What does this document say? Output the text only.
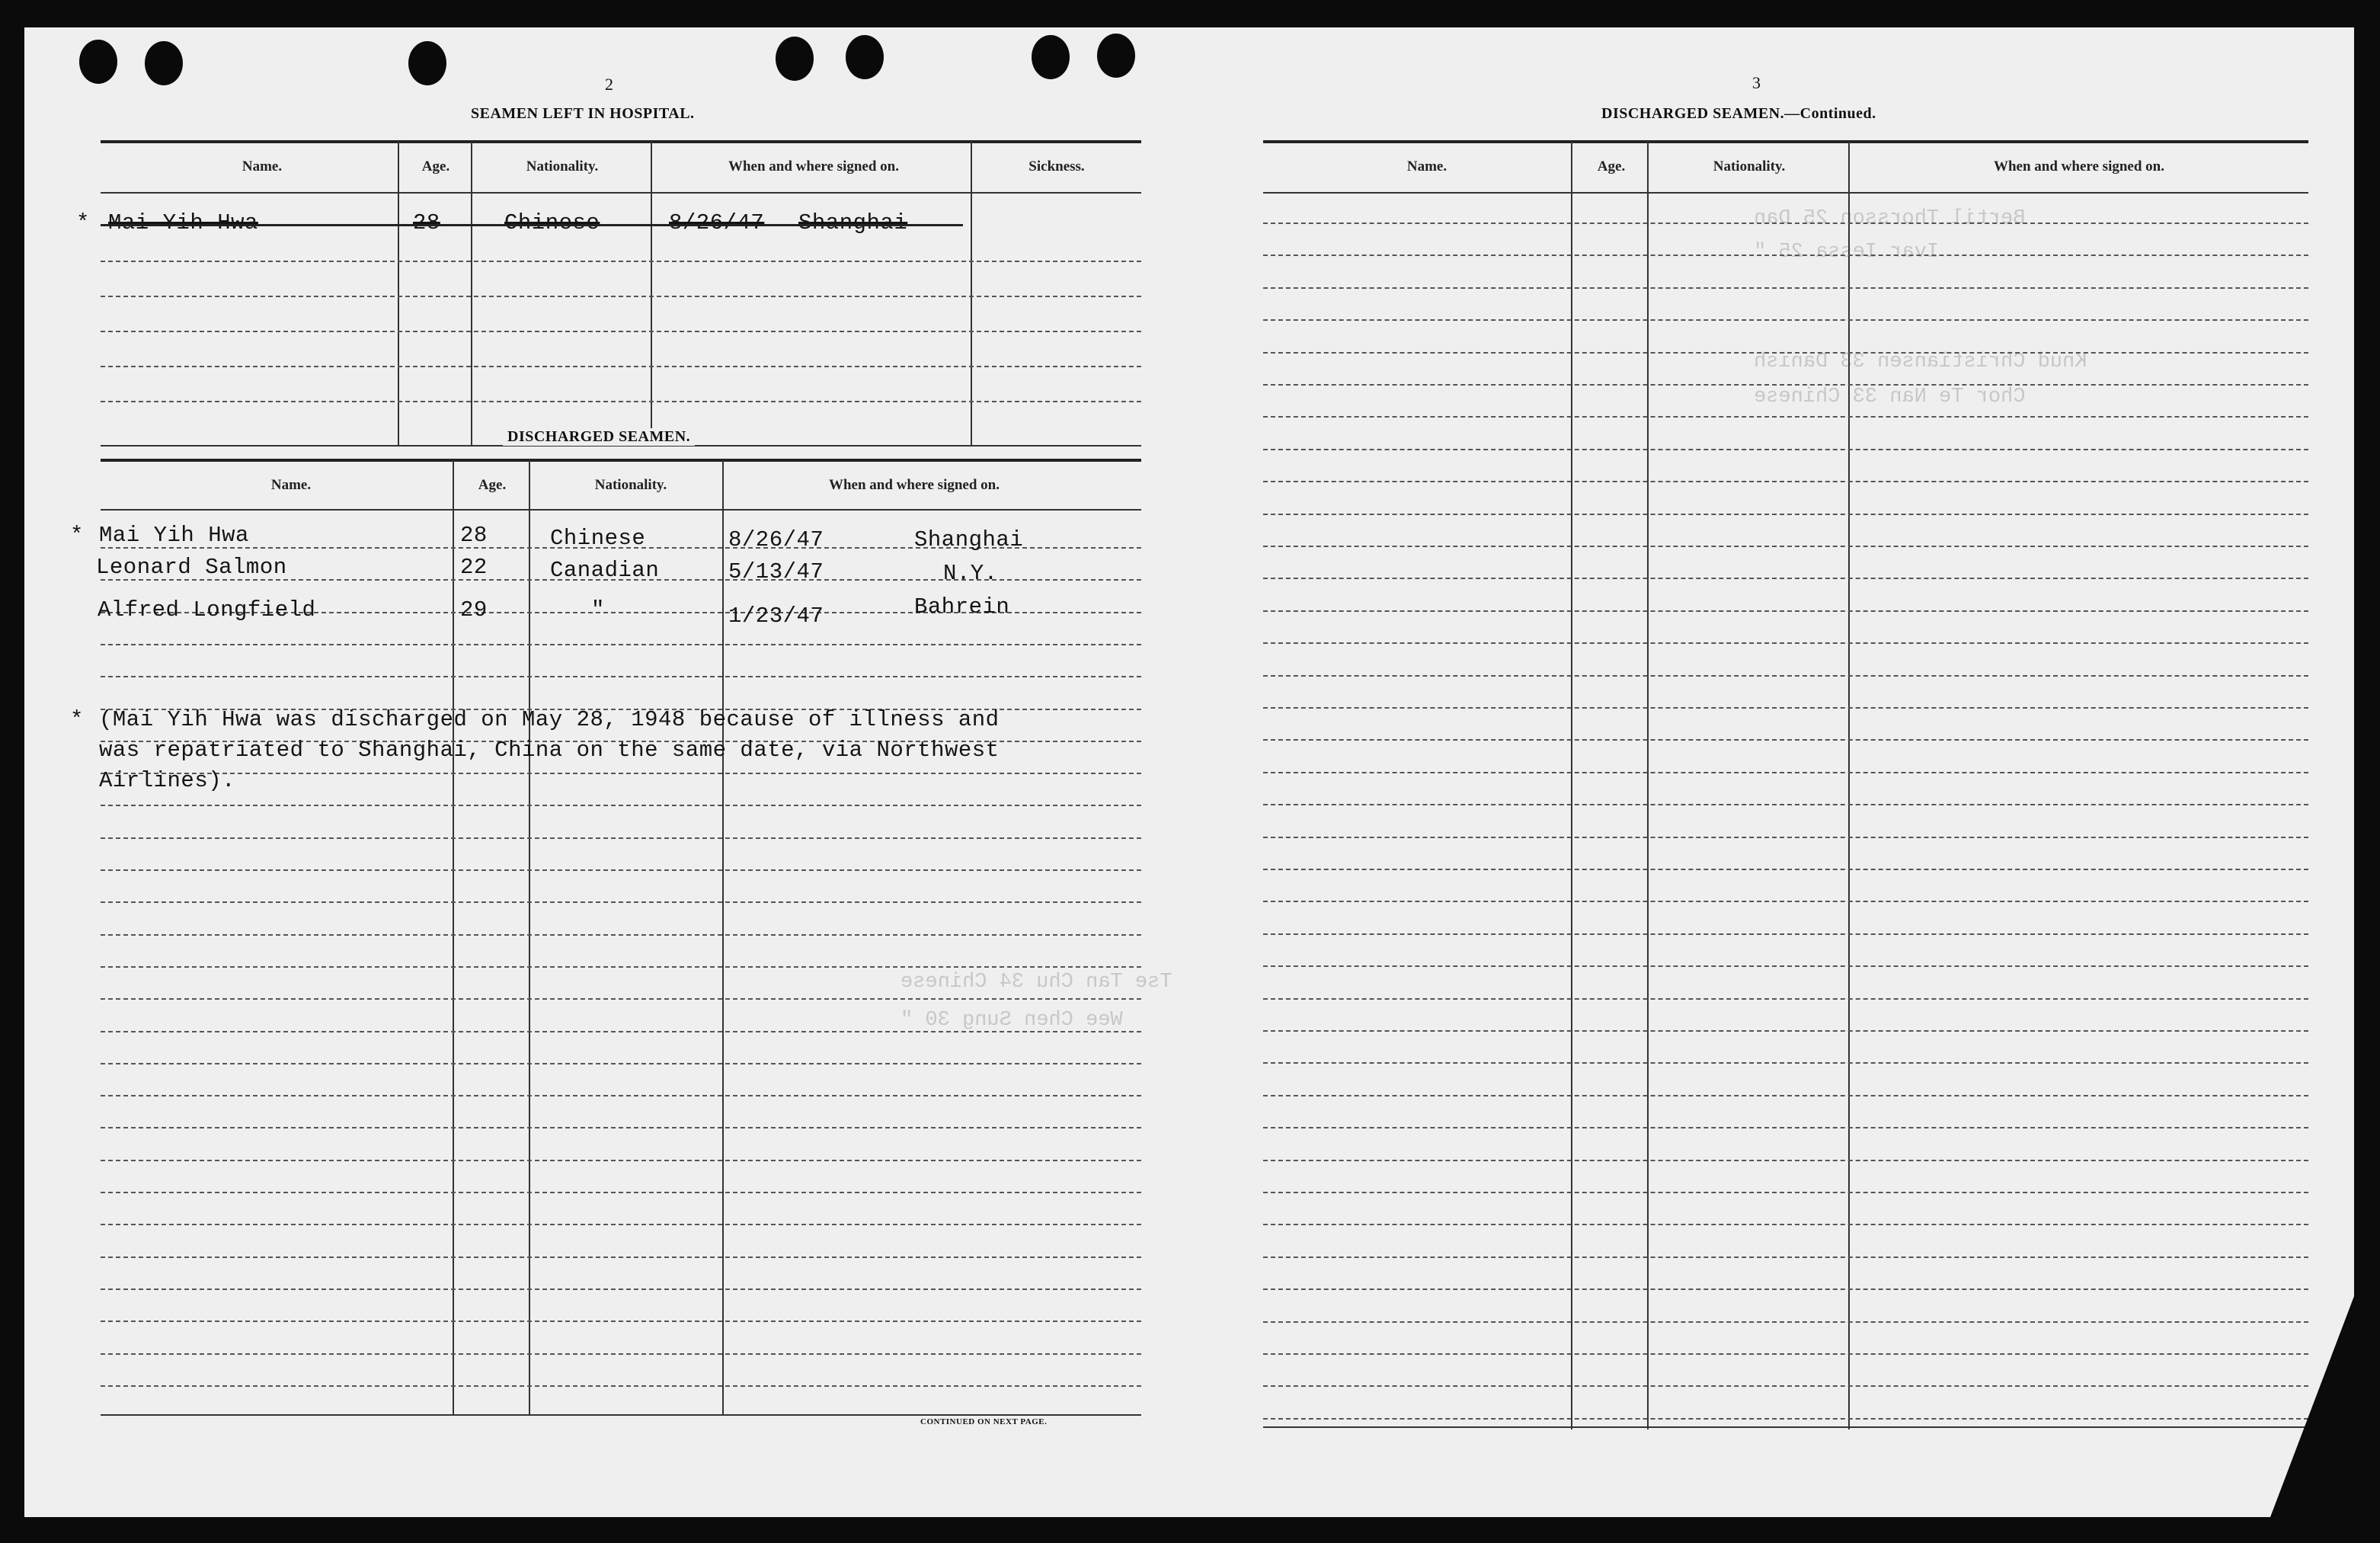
Bertil Thorsson 25 Dan
Ivar Iessa 25 "
Knud Christiansen 33 Danish
Chor Te Nan 33 Chinese
Tse Tan Chu 34 Chinese
Wee Chen Sung 30 "
2
SEAMEN LEFT IN HOSPITAL.
Name.	Age.	Nationality.	When and where signed on.	Sickness.
* Mai Yih Hwa	28	Chinese	8/26/47 Shanghai
DISCHARGED SEAMEN.
Name.	Age.	Nationality.	When and where signed on.
* Mai Yih Hwa	28	Chinese	8/26/47	Shanghai
Leonard Salmon	22	Canadian	5/13/47	N.Y.
Alfred Longfield	29	"	1/23/47	Bahrein
* (Mai Yih Hwa was discharged on May 28, 1948 because of illness and
was repatriated to Shanghai, China on the same date, via Northwest
Airlines).
CONTINUED ON NEXT PAGE.
3
DISCHARGED SEAMEN.—Continued.
Name.	Age.	Nationality.	When and where signed on.
